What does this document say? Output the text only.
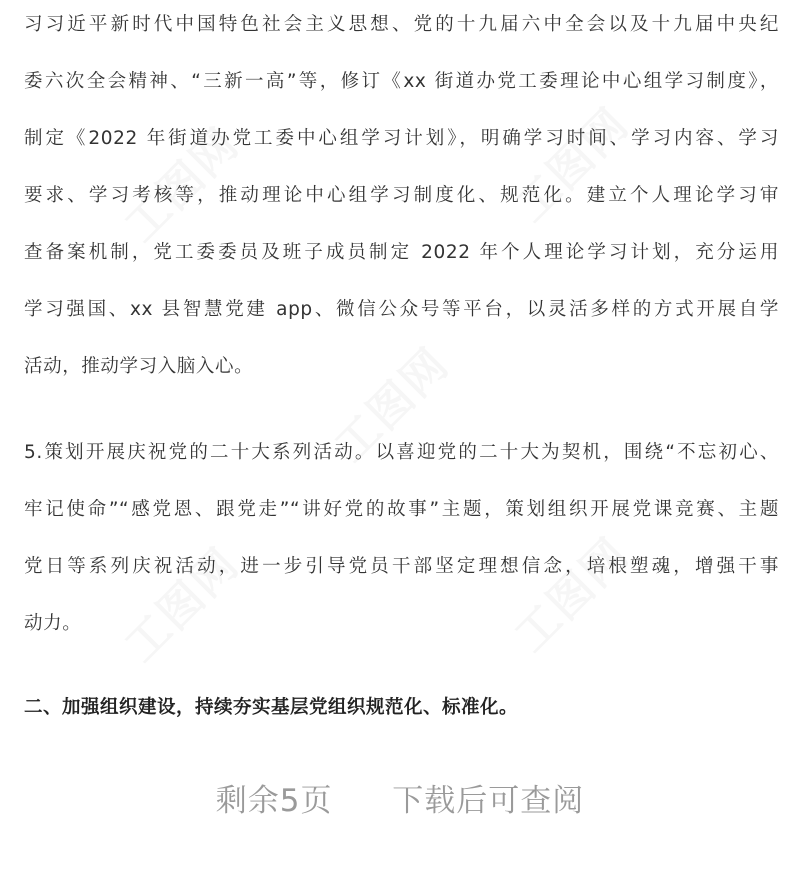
工图网	工图网
工图网
工图网	工图网
习习近平新时代中国特色社会主义思想、党的十九届六中全会以及十九届中央纪
委六次全会精神、“三新一高”等，修订《xx 街道办党工委理论中心组学习制度》，
制定《2022 年街道办党工委中心组学习计划》，明确学习时间、学习内容、学习
要求、学习考核等，推动理论中心组学习制度化、规范化。建立个人理论学习审
查备案机制，党工委委员及班子成员制定 2022 年个人理论学习计划，充分运用
学习强国、xx 县智慧党建 app、微信公众号等平台，以灵活多样的方式开展自学
活动，推动学习入脑入心。
5.策划开展庆祝党的二十大系列活动。以喜迎党的二十大为契机，围绕“不忘初心、
牢记使命”“感党恩、跟党走”“讲好党的故事”主题，策划组织开展党课竞赛、主题
党日等系列庆祝活动，进一步引导党员干部坚定理想信念，培根塑魂，增强干事
动力。

二、加强组织建设，持续夯实基层党组织规范化、标准化。

剩余5页 下载后可查阅
